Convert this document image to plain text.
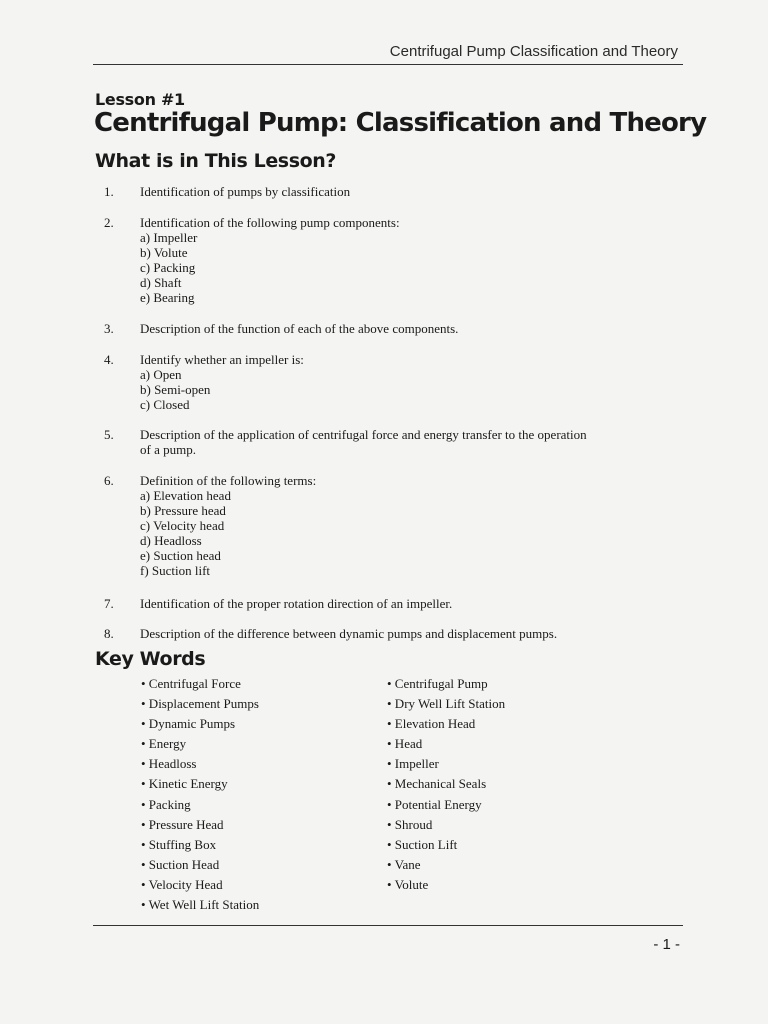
Centrifugal Pump Classification and Theory
Lesson #1
Centrifugal Pump: Classification and Theory
What is in This Lesson?
1. Identification of pumps by classification
2. Identification of the following pump components:
a) Impeller
b) Volute
c) Packing
d) Shaft
e) Bearing
3. Description of the function of each of the above components.
4. Identify whether an impeller is:
a) Open
b) Semi-open
c) Closed
5. Description of the application of centrifugal force and energy transfer to the operation
of a pump.
6. Definition of the following terms:
a) Elevation head
b) Pressure head
c) Velocity head
d) Headloss
e) Suction head
f) Suction lift
7. Identification of the proper rotation direction of an impeller.
8. Description of the difference between dynamic pumps and displacement pumps.
Key Words
• Centrifugal Force
• Displacement Pumps
• Dynamic Pumps
• Energy
• Headloss
• Kinetic Energy
• Packing
• Pressure Head
• Stuffing Box
• Suction Head
• Velocity Head
• Wet Well Lift Station
• Centrifugal Pump
• Dry Well Lift Station
• Elevation Head
• Head
• Impeller
• Mechanical Seals
• Potential Energy
• Shroud
• Suction Lift
• Vane
• Volute
- 1 -
